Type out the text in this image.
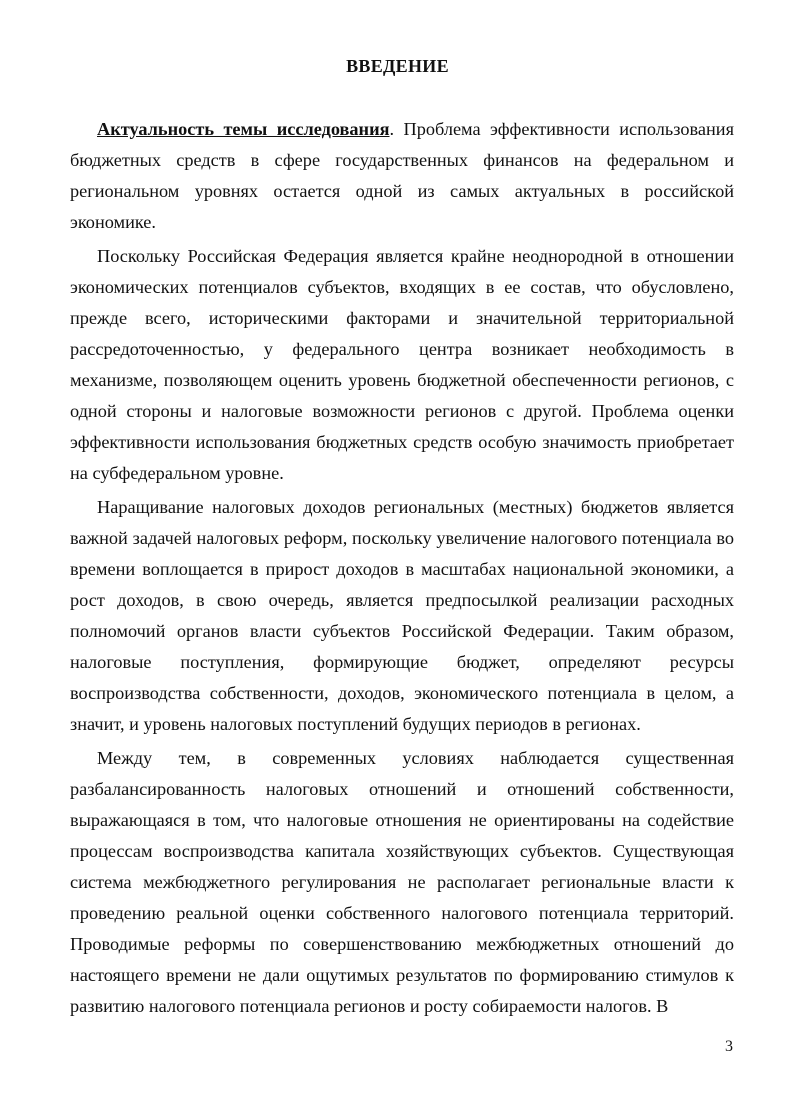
ВВЕДЕНИЕ

Актуальность темы исследования. Проблема эффективности использования бюджетных средств в сфере государственных финансов на федеральном и региональном уровнях остается одной из самых актуальных в российской экономике.

Поскольку Российская Федерация является крайне неоднородной в отношении экономических потенциалов субъектов, входящих в ее состав, что обусловлено, прежде всего, историческими факторами и значительной территориальной рассредоточенностью, у федерального центра возникает необходимость в механизме, позволяющем оценить уровень бюджетной обеспеченности регионов, с одной стороны и налоговые возможности регионов с другой. Проблема оценки эффективности использования бюджетных средств особую значимость приобретает на субфедеральном уровне.

Наращивание налоговых доходов региональных (местных) бюджетов является важной задачей налоговых реформ, поскольку увеличение налогового потенциала во времени воплощается в прирост доходов в масштабах национальной экономики, а рост доходов, в свою очередь, является предпосылкой реализации расходных полномочий органов власти субъектов Российской Федерации. Таким образом, налоговые поступления, формирующие бюджет, определяют ресурсы воспроизводства собственности, доходов, экономического потенциала в целом, а значит, и уровень налоговых поступлений будущих периодов в регионах.

Между тем, в современных условиях наблюдается существенная разбалансированность налоговых отношений и отношений собственности, выражающаяся в том, что налоговые отношения не ориентированы на содействие процессам воспроизводства капитала хозяйствующих субъектов. Существующая система межбюджетного регулирования не располагает региональные власти к проведению реальной оценки собственного налогового потенциала территорий. Проводимые реформы по совершенствованию межбюджетных отношений до настоящего времени не дали ощутимых результатов по формированию стимулов к развитию налогового потенциала регионов и росту собираемости налогов. В

3
